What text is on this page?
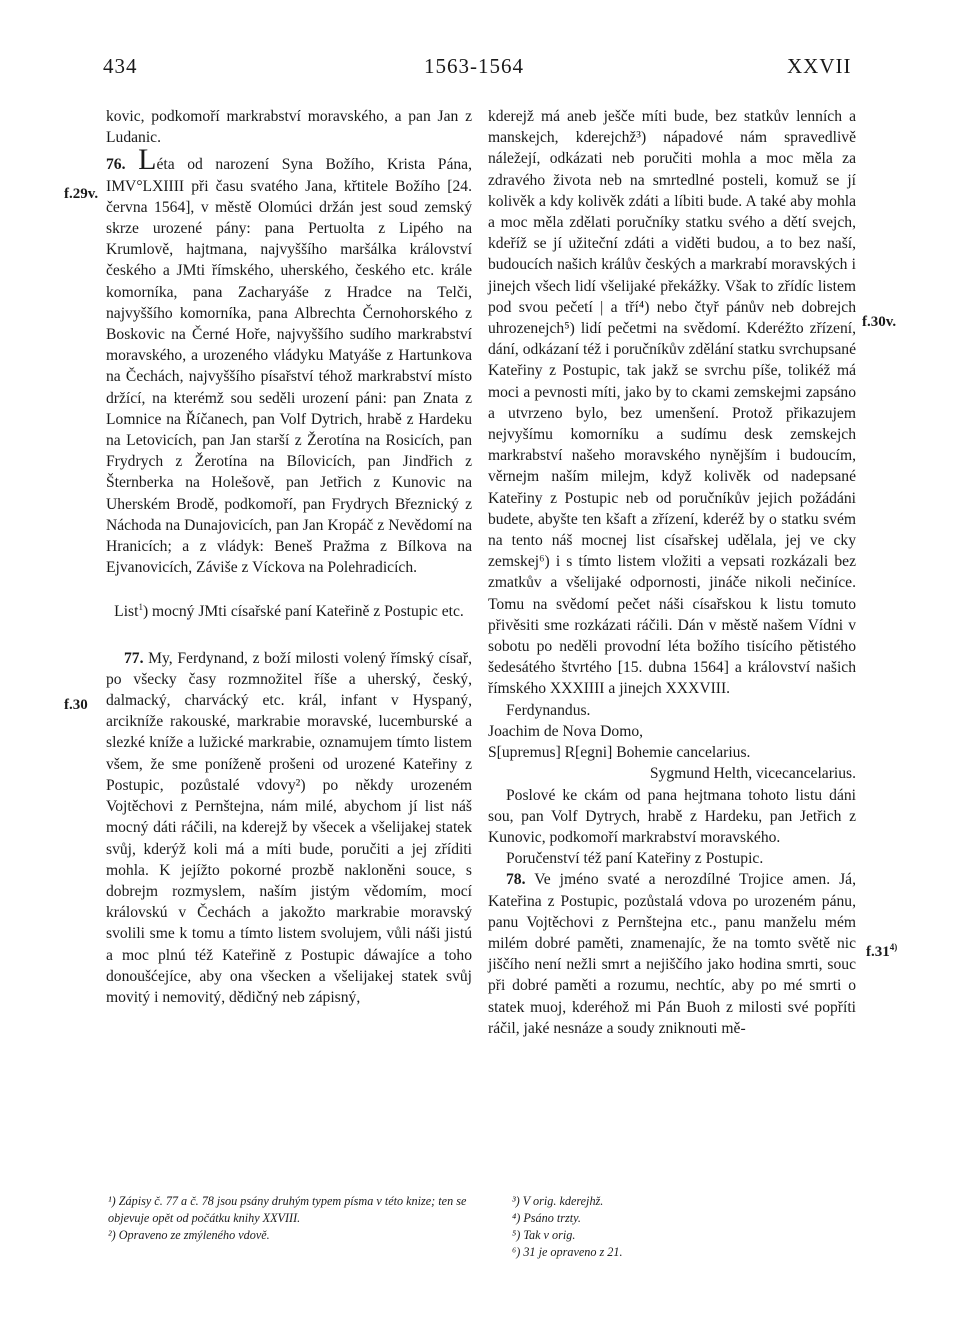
434	1563-1564	XXVII
f.29v.
f.30
f.30v.
f.31$^{4)}$

kovic, podkomoří markrabství moravského, a pan Jan z Ludanic.

76. Léta od narození Syna Božího, Krista Pána, IMV°LXIIII při času svatého Jana, křtitele Božího [24. června 1564], v městě Olomúci držán jest soud zemský skrze urozené pány: pana Pertuolta z Lipého na Krumlově, hajtmana, najvyššího maršálka království českého a JMti římského, uherského, českého etc. krále komorníka, pana Zacharyáše z Hradce na Telči, najvyššího komorníka, pana Albrechta Černohorského z Boskovic na Černé Hoře, najvyššího sudího markrabství moravského, a urozeného vládyku Matyáše z Hartunkova na Čechách, najvyššího písařství téhož markrabství místo držící, na kterémž sou seděli urození páni: pan Znata z Lomnice na Říčanech, pan Volf Dytrich, hrabě z Hardeku na Letovicích, pan Jan starší z Žerotína na Rosicích, pan Frydrych z Žerotína na Bílovicích, pan Jindřich z Šternberka na Holešově, pan Jetřich z Kunovic na Uherském Brodě, podkomoří, pan Frydrych Březnický z Náchoda na Dunajovicích, pan Jan Kropáč z Nevědomí na Hranicích; a z vládyk: Beneš Pražma z Bílkova na Ejvanovicích, Záviše z Víckova na Polehradicích.

List$^1$) mocný JMti císařské paní Kateřině z Postupic etc.

77. My, Ferdynand, z boží milosti volený římský císař, po všecky časy rozmnožitel říše a uherský, český, dalmacký, charvácký etc. král, infant v Hyspaný, arcikníže rakouské, markrabie moravské, lucemburské a slezké kníže a lužické markrabie, oznamujem tímto listem všem, že sme poníženě prošeni od urozené Kateřiny z Postupic, pozůstalé vdovy²) po někdy urozeném Vojtěchovi z Pernštejna, nám milé, abychom jí list náš mocný dáti ráčili, na kderejž by všecek a všelijakej statek svůj, kderýž koli má a míti bude, poručiti a jej zříditi mohla. K jejížto pokorné prozbě nakloněni souce, s dobrejm rozmyslem, naším jistým vědomím, mocí královskú v Čechách a jakožto markrabie moravský svolili sme k tomu a tímto listem svolujem, vůli náši jistú a moc plnú též Kateřině z Postupic dáwajíce a toho donoušćejíce, aby ona všecken a všelijakej statek svůj movitý i nemovitý, dědičný neb zápisný,

kderejž má aneb ješče míti bude, bez statkův lenních a manskejch, kderejchž³) nápadové nám spravedlivě náležejí, odkázati neb poručiti mohla a moc měla za zdravého života neb na smrtedlné posteli, komuž se jí kolivěk a kdy kolivěk zdáti a líbiti bude. A také aby mohla a moc měla zdělati poručníky statku svého a dětí svejch, kdeříž se jí užiteční zdáti a viděti budou, a to bez naší, budoucích našich králův českých a markrabí moravských i jinejch všech lidí všelijaké překážky. Však to zřídíc listem pod svou pečetí | a tří⁴) nebo čtyř pánův neb dobrejch uhrozenejch⁵) lidí pečetmi na svědomí. Kderéžto zřízení, dání, odkázaní též i poručníkův zdělání statku svrchupsané Kateřiny z Postupic, tak jakž se svrchu píše, tolikéž má moci a pevnosti míti, jako by to ckami zemskejmi zapsáno a utvrzeno bylo, bez umenšení. Protož přikazujem nejvyšímu komorníku a sudímu desk zemskejch markrabství našeho moravského nynějším i budoucím, věrnejm naším milejm, když kolivěk od nadepsané Kateřiny z Postupic neb od poručníkův jejich požádáni budete, abyšte ten kšaft a zřízení, kderéž by o statku svém na tento náš mocnej list císařskej udělala, jej ve cky zemskej⁶) i s tímto listem vložiti a vepsati rozkázali bez zmatkův a všelijaké odpornosti, jináče nikoli nečiníce. Tomu na svědomí pečet náši císařskou k listu tomuto přivěsiti sme rozkázati ráčili. Dán v městě našem Vídni v sobotu po neděli provodní léta božího tisícího pětistého šedesátého štvrtého [15. dubna 1564] a království našich římského XXXIIII a jinejch XXXVIII.

Ferdynandus.

Joachim de Nova Domo,

S[upremus] R[egni] Bohemie cancelarius.

Sygmund Helth, vicecancelarius.

Poslové ke ckám od pana hejtmana tohoto listu dáni sou, pan Volf Dytrych, hrabě z Hardeku, pan Jetřich z Kunovic, podkomoří markrabství moravského.

Poručenství též paní Kateřiny z Postupic.

78. Ve jméno svaté a nerozdílné Trojice amen. Já, Kateřina z Postupic, pozůstalá vdova po urozeném pánu, panu Vojtěchovi z Pernštejna etc., panu manželu mém milém dobré paměti, znamenajíc, že na tomto světě nic jiščího není nežli smrt a nejiščího jako hodina smrti, souc při dobré paměti a rozumu, nechtíc, aby po mé smrti o statek muoj, kderéhož mi Pán Buoh z milosti své popříti ráčil, jaké nesnáze a soudy zniknouti mě-

¹) Zápisy č. 77 a č. 78 jsou psány druhým typem písma v této knize; ten se objevuje opět od počátku knihy XXVIII.

²) Opraveno ze zmýleného vdově.

³) V orig. kderejhž.

⁴) Psáno trzty.

⁵) Tak v orig.

⁶) 31 je opraveno z 21.
